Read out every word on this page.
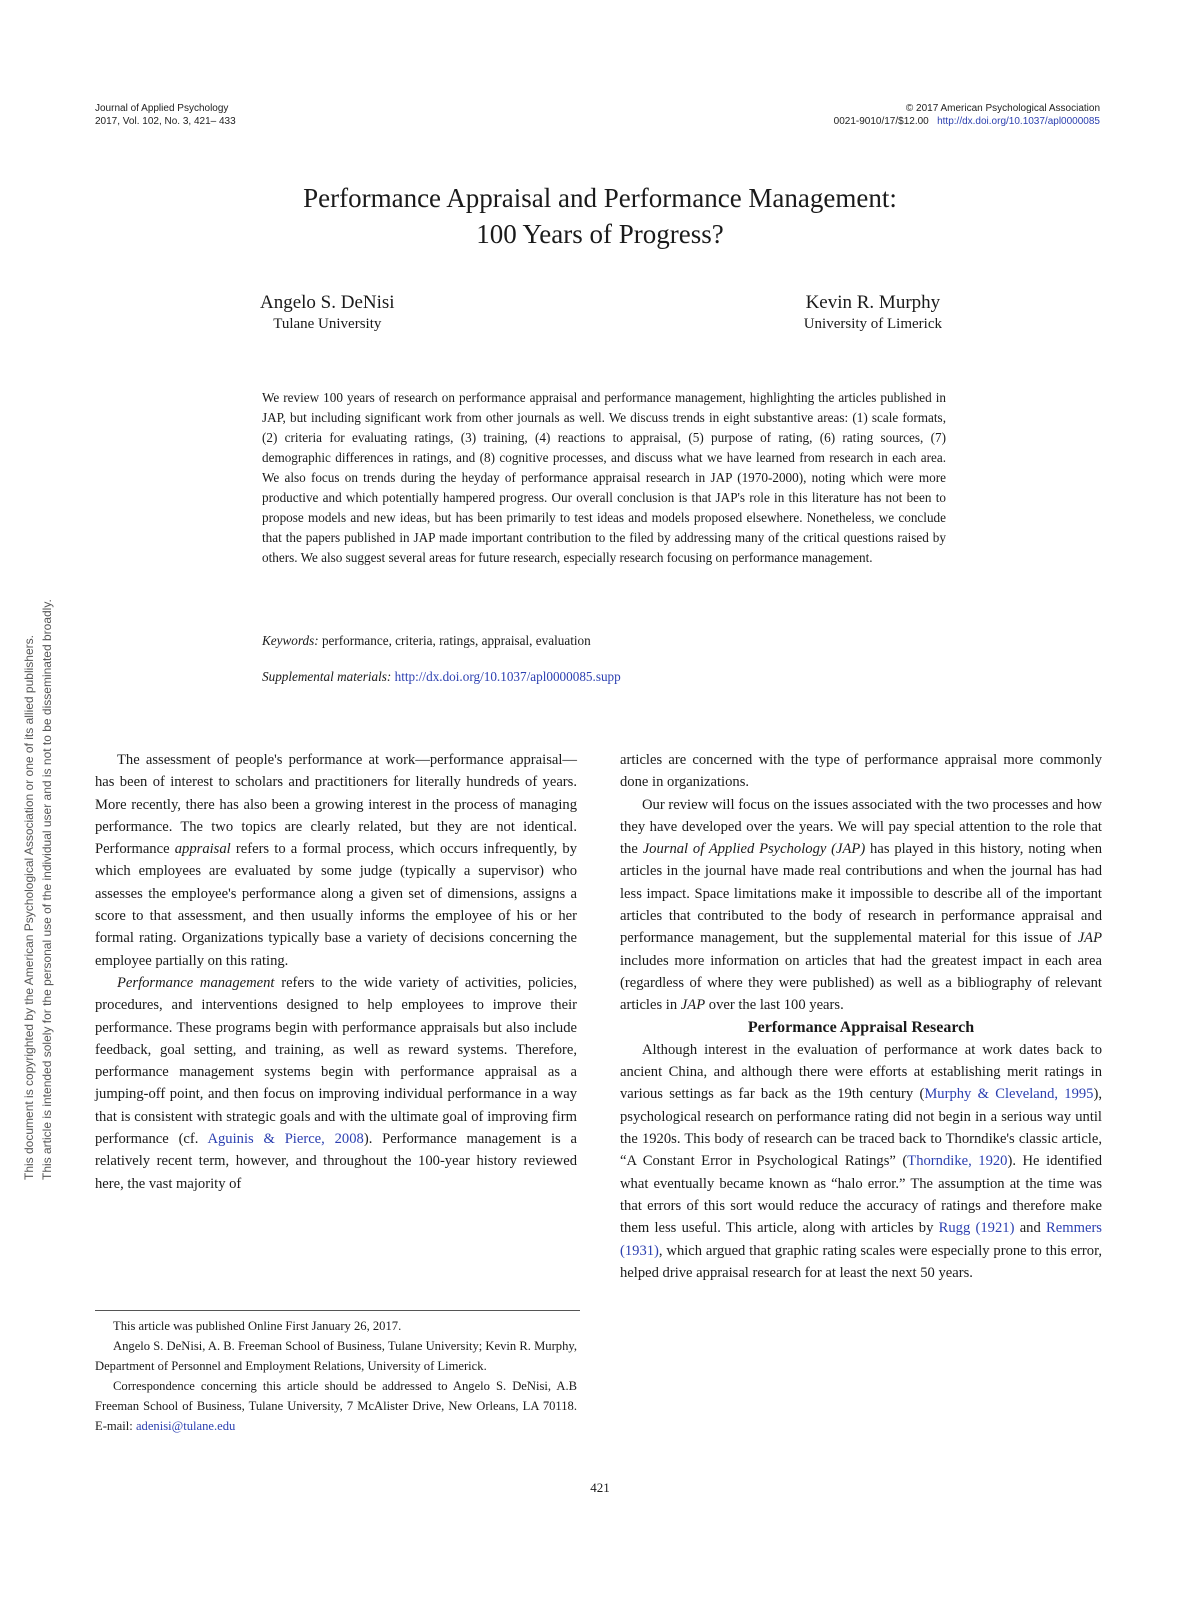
Journal of Applied Psychology
2017, Vol. 102, No. 3, 421– 433
© 2017 American Psychological Association
0021-9010/17/$12.00 http://dx.doi.org/10.1037/apl0000085
Performance Appraisal and Performance Management:
100 Years of Progress?
Angelo S. DeNisi
Tulane University
Kevin R. Murphy
University of Limerick
We review 100 years of research on performance appraisal and performance management, highlighting the articles published in JAP, but including significant work from other journals as well. We discuss trends in eight substantive areas: (1) scale formats, (2) criteria for evaluating ratings, (3) training, (4) reactions to appraisal, (5) purpose of rating, (6) rating sources, (7) demographic differences in ratings, and (8) cognitive processes, and discuss what we have learned from research in each area. We also focus on trends during the heyday of performance appraisal research in JAP (1970-2000), noting which were more productive and which potentially hampered progress. Our overall conclusion is that JAP's role in this literature has not been to propose models and new ideas, but has been primarily to test ideas and models proposed elsewhere. Nonetheless, we conclude that the papers published in JAP made important contribution to the filed by addressing many of the critical questions raised by others. We also suggest several areas for future research, especially research focusing on performance management.
Keywords: performance, criteria, ratings, appraisal, evaluation
Supplemental materials: http://dx.doi.org/10.1037/apl0000085.supp

The assessment of people's performance at work—performance appraisal—has been of interest to scholars and practitioners for literally hundreds of years. More recently, there has also been a growing interest in the process of managing performance. The two topics are clearly related, but they are not identical. Performance appraisal refers to a formal process, which occurs infrequently, by which employees are evaluated by some judge (typically a supervisor) who assesses the employee's performance along a given set of dimensions, assigns a score to that assessment, and then usually informs the employee of his or her formal rating. Organizations typically base a variety of decisions concerning the employee partially on this rating.

Performance management refers to the wide variety of activities, policies, procedures, and interventions designed to help employees to improve their performance. These programs begin with performance appraisals but also include feedback, goal setting, and training, as well as reward systems. Therefore, performance management systems begin with performance appraisal as a jumping-off point, and then focus on improving individual performance in a way that is consistent with strategic goals and with the ultimate goal of improving firm performance (cf. Aguinis & Pierce, 2008). Performance management is a relatively recent term, however, and throughout the 100-year history reviewed here, the vast majority of

articles are concerned with the type of performance appraisal more commonly done in organizations.

Our review will focus on the issues associated with the two processes and how they have developed over the years. We will pay special attention to the role that the Journal of Applied Psychology (JAP) has played in this history, noting when articles in the journal have made real contributions and when the journal has had less impact. Space limitations make it impossible to describe all of the important articles that contributed to the body of research in performance appraisal and performance management, but the supplemental material for this issue of JAP includes more information on articles that had the greatest impact in each area (regardless of where they were published) as well as a bibliography of relevant articles in JAP over the last 100 years.

Performance Appraisal Research

Although interest in the evaluation of performance at work dates back to ancient China, and although there were efforts at establishing merit ratings in various settings as far back as the 19th century (Murphy & Cleveland, 1995), psychological research on performance rating did not begin in a serious way until the 1920s. This body of research can be traced back to Thorndike's classic article, “A Constant Error in Psychological Ratings” (Thorndike, 1920). He identified what eventually became known as “halo error.” The assumption at the time was that errors of this sort would reduce the accuracy of ratings and therefore make them less useful. This article, along with articles by Rugg (1921) and Remmers (1931), which argued that graphic rating scales were especially prone to this error, helped drive appraisal research for at least the next 50 years.

This article was published Online First January 26, 2017.

Angelo S. DeNisi, A. B. Freeman School of Business, Tulane University; Kevin R. Murphy, Department of Personnel and Employment Relations, University of Limerick.

Correspondence concerning this article should be addressed to Angelo S. DeNisi, A.B Freeman School of Business, Tulane University, 7 McAlister Drive, New Orleans, LA 70118. E-mail: adenisi@tulane.edu

421
This document is copyrighted by the American Psychological Association or one of its allied publishers. This article is intended solely for the personal use of the individual user and is not to be disseminated broadly.
